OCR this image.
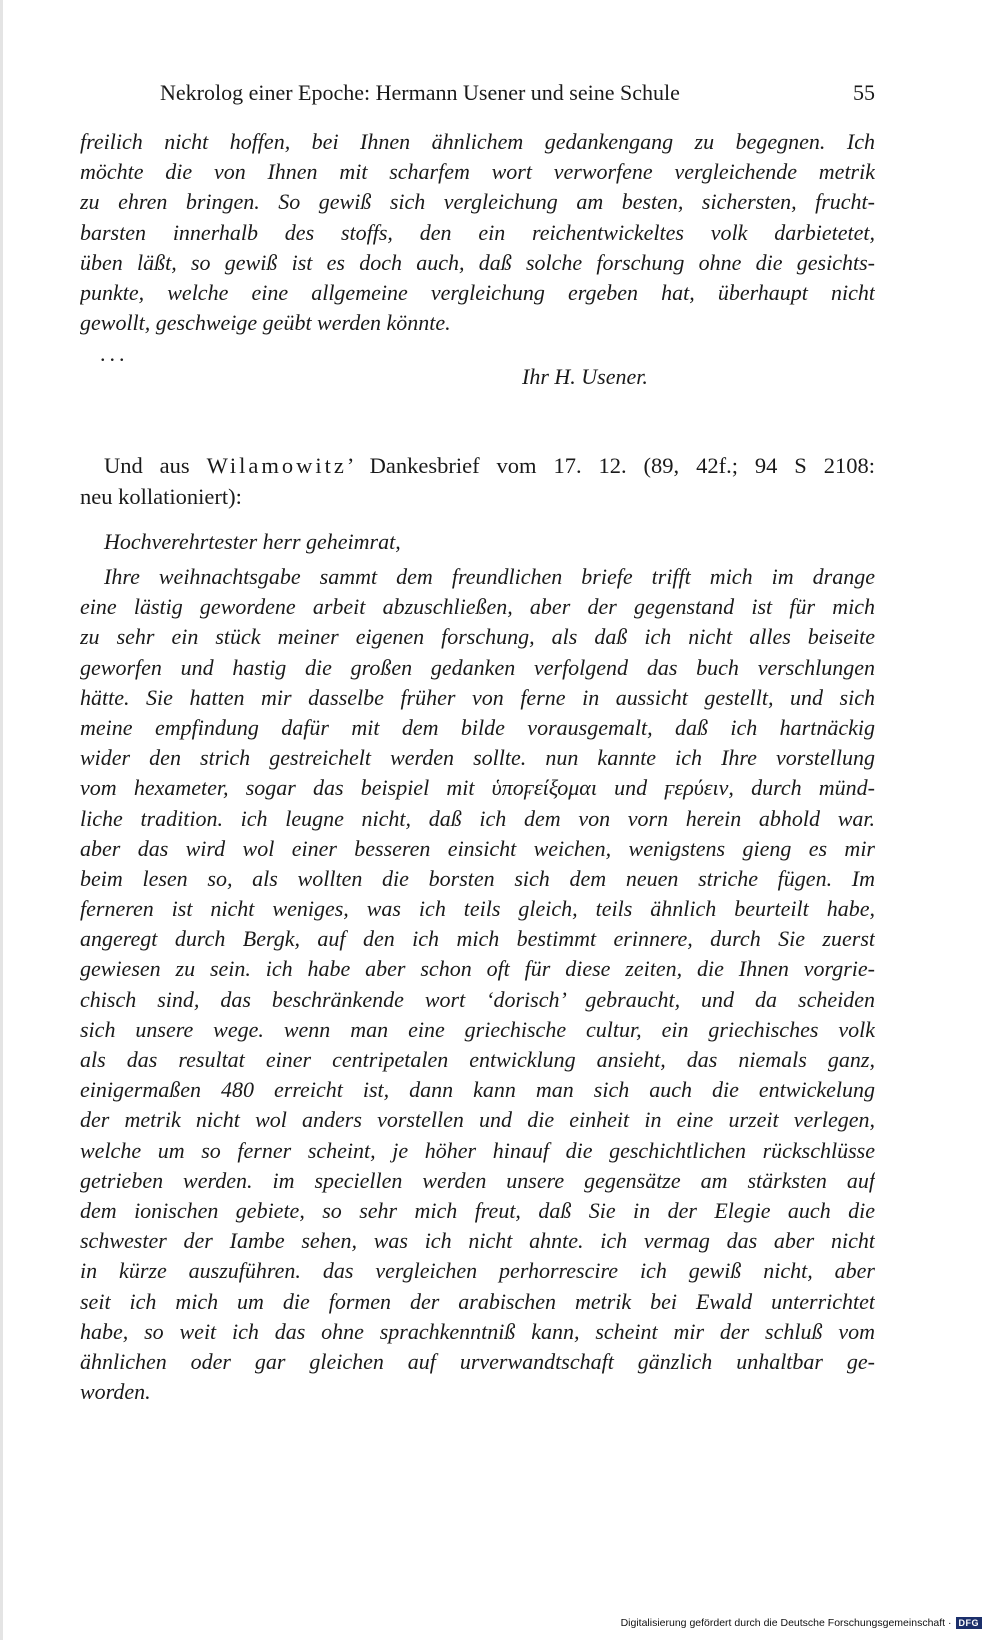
Nekrolog einer Epoche: Hermann Usener und seine Schule	55
freilich nicht hoffen, bei Ihnen ähnlichem gedankengang zu begegnen. Ich
möchte die von Ihnen mit scharfem wort verworfene vergleichende metrik
zu ehren bringen. So gewiß sich vergleichung am besten, sichersten, frucht-
barsten innerhalb des stoffs, den ein reichentwickeltes volk darbietetet,
üben läßt, so gewiß ist es doch auch, daß solche forschung ohne die gesichts-
punkte, welche eine allgemeine vergleichung ergeben hat, überhaupt nicht
gewollt, geschweige geübt werden könnte.
...
Ihr H. Usener.
Und aus Wilamowitz’ Dankesbrief vom 17. 12. (89, 42f.; 94 S 2108:
neu kollationiert):
Hochverehrtester herr geheimrat,
Ihre weihnachtsgabe sammt dem freundlichen briefe trifft mich im drange
eine lästig gewordene arbeit abzuschließen, aber der gegenstand ist für mich
zu sehr ein stück meiner eigenen forschung, als daß ich nicht alles beiseite
geworfen und hastig die großen gedanken verfolgend das buch verschlungen
hätte. Sie hatten mir dasselbe früher von ferne in aussicht gestellt, und sich
meine empfindung dafür mit dem bilde vorausgemalt, daß ich hartnäckig
wider den strich gestreichelt werden sollte. nun kannte ich Ihre vorstellung
vom hexameter, sogar das beispiel mit ὑποϝείξομαι und ϝερύειν, durch münd-
liche tradition. ich leugne nicht, daß ich dem von vorn herein abhold war.
aber das wird wol einer besseren einsicht weichen, wenigstens gieng es mir
beim lesen so, als wollten die borsten sich dem neuen striche fügen. Im
ferneren ist nicht weniges, was ich teils gleich, teils ähnlich beurteilt habe,
angeregt durch Bergk, auf den ich mich bestimmt erinnere, durch Sie zuerst
gewiesen zu sein. ich habe aber schon oft für diese zeiten, die Ihnen vorgrie-
chisch sind, das beschränkende wort ‘dorisch’ gebraucht, und da scheiden
sich unsere wege. wenn man eine griechische cultur, ein griechisches volk
als das resultat einer centripetalen entwicklung ansieht, das niemals ganz,
einigermaßen 480 erreicht ist, dann kann man sich auch die entwickelung
der metrik nicht wol anders vorstellen und die einheit in eine urzeit verlegen,
welche um so ferner scheint, je höher hinauf die geschichtlichen rückschlüsse
getrieben werden. im speciellen werden unsere gegensätze am stärksten auf
dem ionischen gebiete, so sehr mich freut, daß Sie in der Elegie auch die
schwester der Iambe sehen, was ich nicht ahnte. ich vermag das aber nicht
in kürze auszuführen. das vergleichen perhorrescire ich gewiß nicht, aber
seit ich mich um die formen der arabischen metrik bei Ewald unterrichtet
habe, so weit ich das ohne sprachkenntniß kann, scheint mir der schluß vom
ähnlichen oder gar gleichen auf urverwandtschaft gänzlich unhaltbar ge-
worden.
Digitalisierung gefördert durch die Deutsche Forschungsgemeinschaft · DFG
